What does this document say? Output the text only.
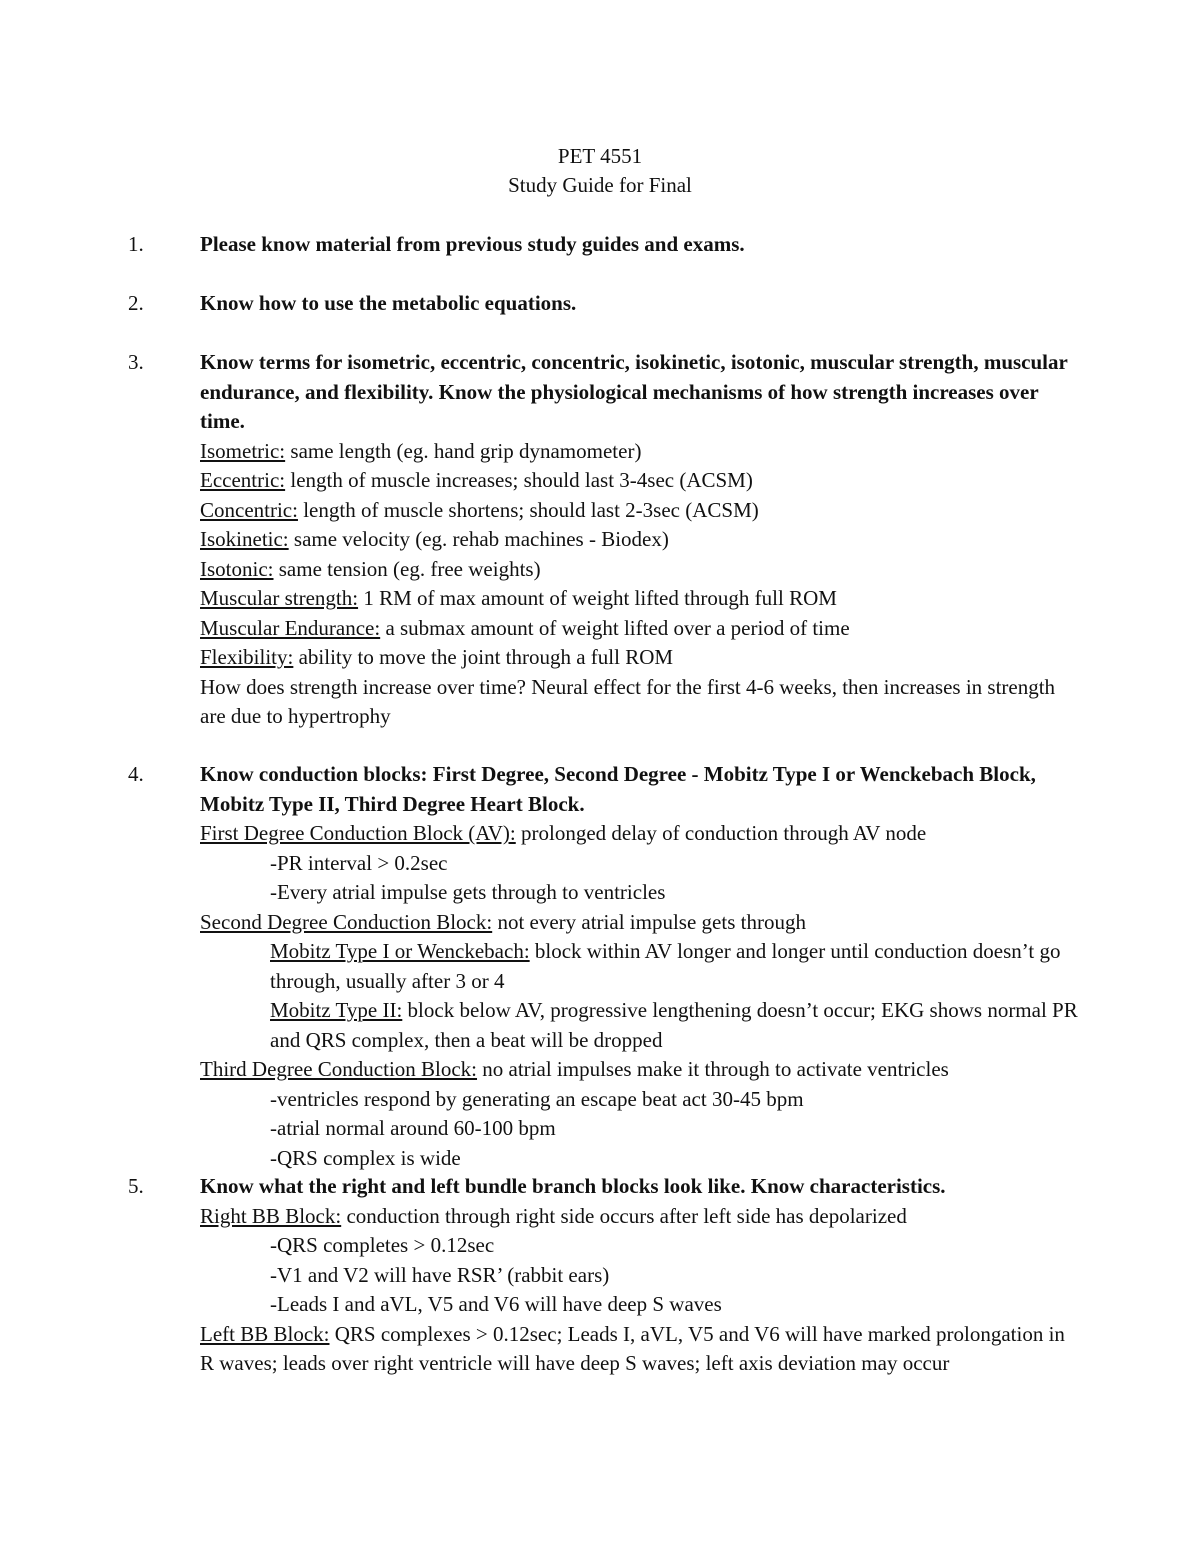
PET 4551
Study Guide for Final
1.	Please know material from previous study guides and exams.
2.	Know how to use the metabolic equations.
3.	Know terms for isometric, eccentric, concentric, isokinetic, isotonic, muscular strength, muscular endurance, and flexibility. Know the physiological mechanisms of how strength increases over time.
Isometric: same length (eg. hand grip dynamometer)
Eccentric: length of muscle increases; should last 3-4sec (ACSM)
Concentric: length of muscle shortens; should last 2-3sec (ACSM)
Isokinetic: same velocity (eg. rehab machines - Biodex)
Isotonic: same tension (eg. free weights)
Muscular strength: 1 RM of max amount of weight lifted through full ROM
Muscular Endurance: a submax amount of weight lifted over a period of time
Flexibility: ability to move the joint through a full ROM
How does strength increase over time? Neural effect for the first 4-6 weeks, then increases in strength are due to hypertrophy
4.	Know conduction blocks: First Degree, Second Degree - Mobitz Type I or Wenckebach Block, Mobitz Type II, Third Degree Heart Block.
First Degree Conduction Block (AV): prolonged delay of conduction through AV node
-PR interval > 0.2sec
-Every atrial impulse gets through to ventricles
Second Degree Conduction Block: not every atrial impulse gets through
Mobitz Type I or Wenckebach: block within AV longer and longer until conduction doesn’t go through, usually after 3 or 4
Mobitz Type II: block below AV, progressive lengthening doesn’t occur; EKG shows normal PR and QRS complex, then a beat will be dropped
Third Degree Conduction Block: no atrial impulses make it through to activate ventricles
-ventricles respond by generating an escape beat act 30-45 bpm
-atrial normal around 60-100 bpm
-QRS complex is wide
5.	Know what the right and left bundle branch blocks look like. Know characteristics.
Right BB Block: conduction through right side occurs after left side has depolarized
-QRS completes > 0.12sec
-V1 and V2 will have RSR’ (rabbit ears)
-Leads I and aVL, V5 and V6 will have deep S waves
Left BB Block: QRS complexes > 0.12sec; Leads I, aVL, V5 and V6 will have marked prolongation in R waves; leads over right ventricle will have deep S waves; left axis deviation may occur
